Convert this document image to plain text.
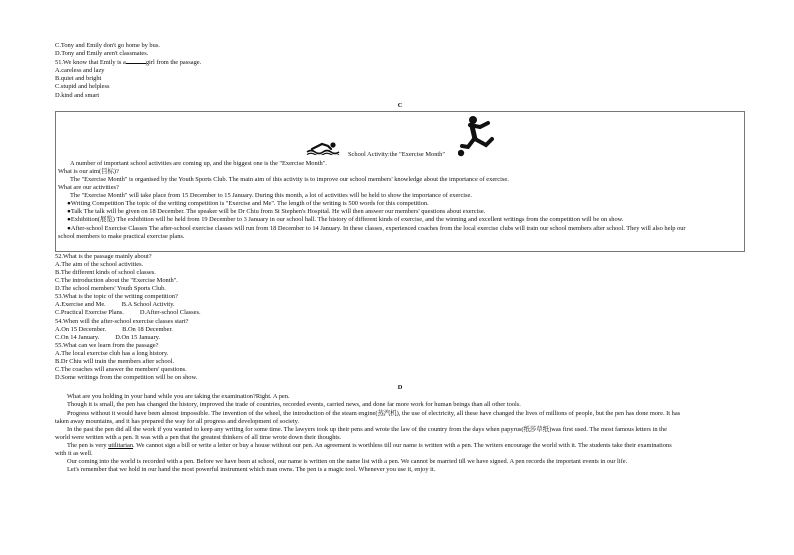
C.Tony and Emily don't go home by bus.
D.Tony and Emily aren't classmates.
51.We know that Emily is a	girl from the passage.
A.careless and lazy
B.quiet and bright
C.stupid and helpless
D.kind and smart
C
School Activity:the "Exercise Month"
A number of important school activities are coming up, and the biggest one is the "Exercise Month".
What is our aim(目标)?
The "Exercise Month" is organised by the Youth Sports Club. The main aim of this activity is to improve our school members' knowledge about the importance of exercise.
What are our activities?
The "Exercise Month" will take place from 15 December to 15 January. During this month, a lot of activities will be held to show the importance of exercise.
●Writing Competition The topic of the writing competition is "Exercise and Me". The length of the writing is 500 words for this competition.
●Talk The talk will be given on 18 December. The speaker will be Dr Chiu from St Stephen's Hospital. He will then answer our members' questions about exercise.
●Exhibition(展览) The exhibition will be held from 19 December to 3 January in our school hall. The history of different kinds of exercise, and the winning and excellent writings from the competition will be on show.
●After-school Exercise Classes The after-school exercise classes will run from 18 December to 14 January. In these classes, experienced coaches from the local exercise clubs will train our school members after school. They will also help our
school members to make practical exercise plans.
52.What is the passage mainly about?
A.The aim of the school activities.
B.The different kinds of school classes.
C.The introduction about the "Exercise Month".
D.The school members' Youth Sports Club.
53.What is the topic of the writing competition?
A.Exercise and Me.          B.A School Activity.
C.Practical Exercise Plans.          D.After-school Classes.
54.When will the after-school exercise classes start?
A.On 15 December.          B.On 18 December.
C.On 14 January.          D.On 15 January.
55.What can we learn from the passage?
A.The local exercise club has a long history.
B.Dr Chiu will train the members after school.
C.The coaches will answer the members' questions.
D.Some writings from the competition will be on show.
D
What are you holding in your hand while you are taking the examination?Right. A pen.
Though it is small, the pen has changed the history, improved the trade of countries, recorded events, carried news, and done far more work for human beings than all other tools.
Progress without it would have been almost impossible. The invention of the wheel, the introduction of the steam engine(蒸汽机), the use of electricity, all these have changed the lives of millions of people, but the pen has done more. It has
taken away mountains, and it has prepared the way for all progress and development of society.
In the past the pen did all the work if you wanted to keep any writing for some time. The lawyers took up their pens and wrote the law of the country from the days when papyrus(纸莎草纸)was first used. The most famous letters in the
world were written with a pen. It was with a pen that the greatest thinkers of all time wrote down their thoughts.
The pen is very utilitarian. We cannot sign a bill or write a letter or buy a house without our pen. An agreement is worthless till our name is written with a pen. The writers encourage the world with it. The students take their examinations
with it as well.
Our coming into the world is recorded with a pen. Before we have been at school, our name is written on the name list with a pen. We cannot be married till we have signed. A pen records the important events in our life.
Let's remember that we hold in our hand the most powerful instrument which man owns. The pen is a magic tool. Whenever you use it, enjoy it.
